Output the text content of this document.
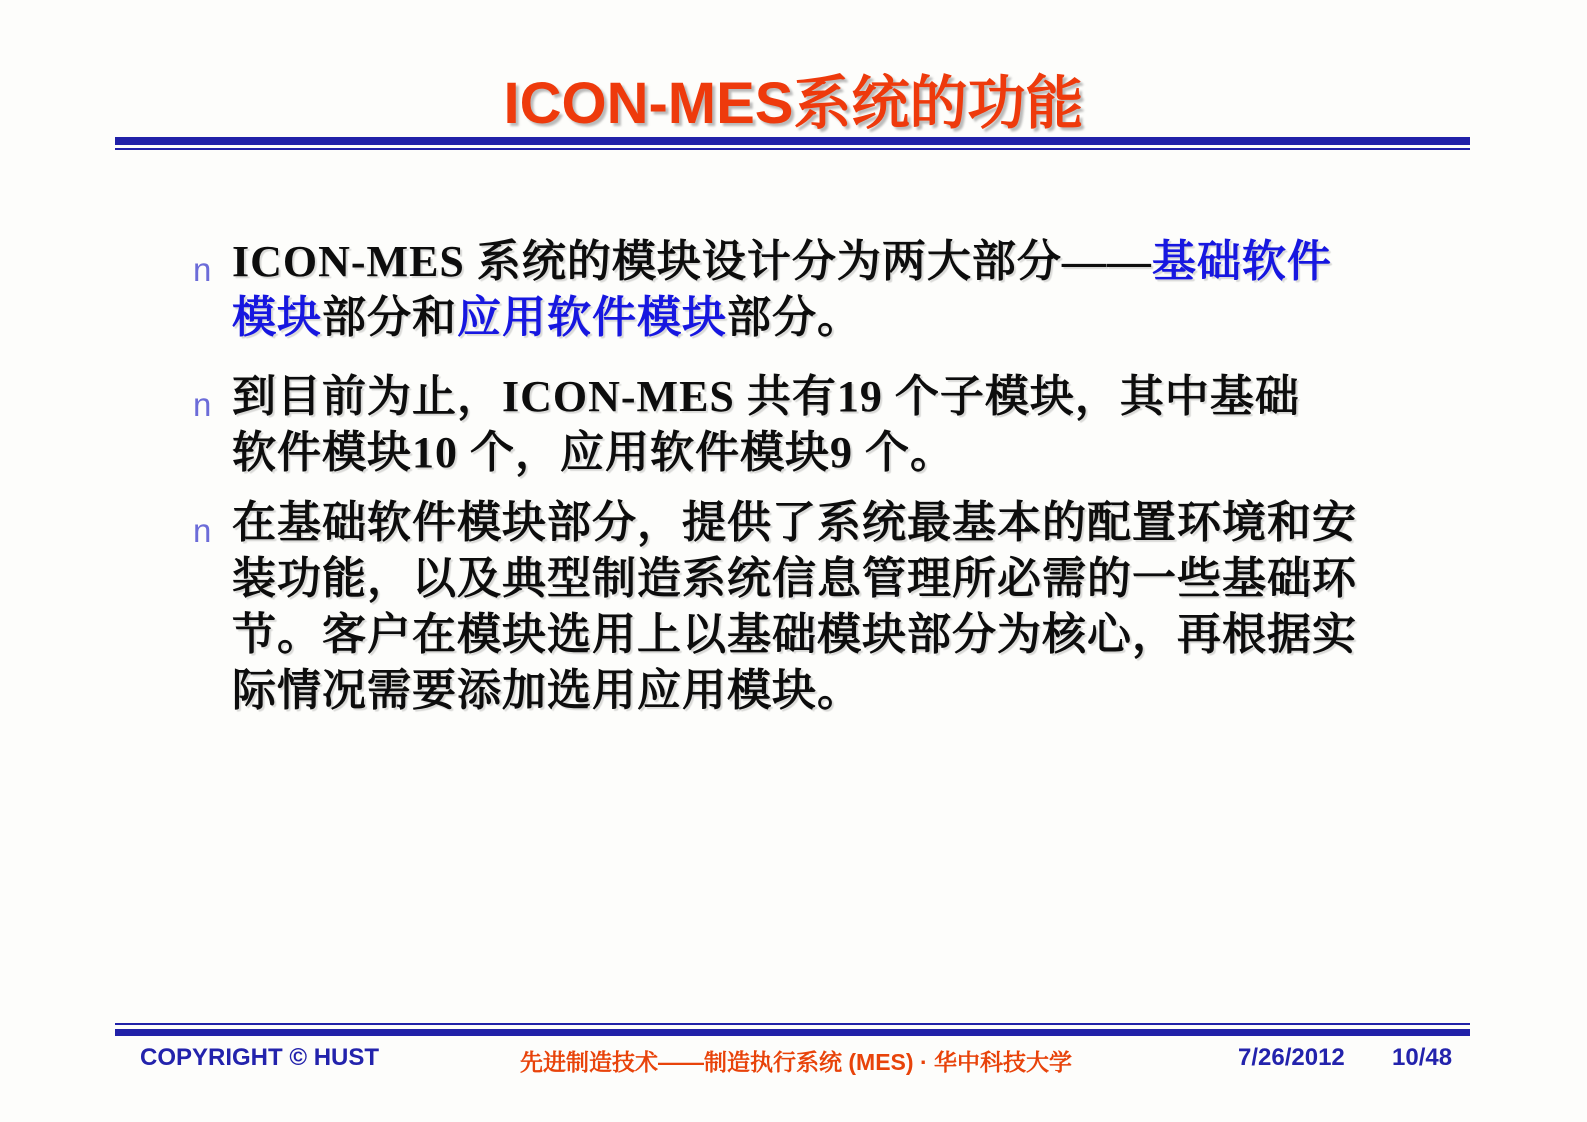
ICON-MES系统的功能
n ICON-MES 系统的模块设计分为两大部分——基础软件
模块部分和应用软件模块部分。
n 到目前为止，ICON-MES 共有19 个子模块，其中基础
软件模块10 个，应用软件模块9 个。
n 在基础软件模块部分，提供了系统最基本的配置环境和安
装功能，以及典型制造系统信息管理所必需的一些基础环
节。客户在模块选用上以基础模块部分为核心，再根据实
际情况需要添加选用应用模块。
COPYRIGHT © HUST	先进制造技术——制造执行系统 (MES) · 华中科技大学	7/26/2012 10/48
